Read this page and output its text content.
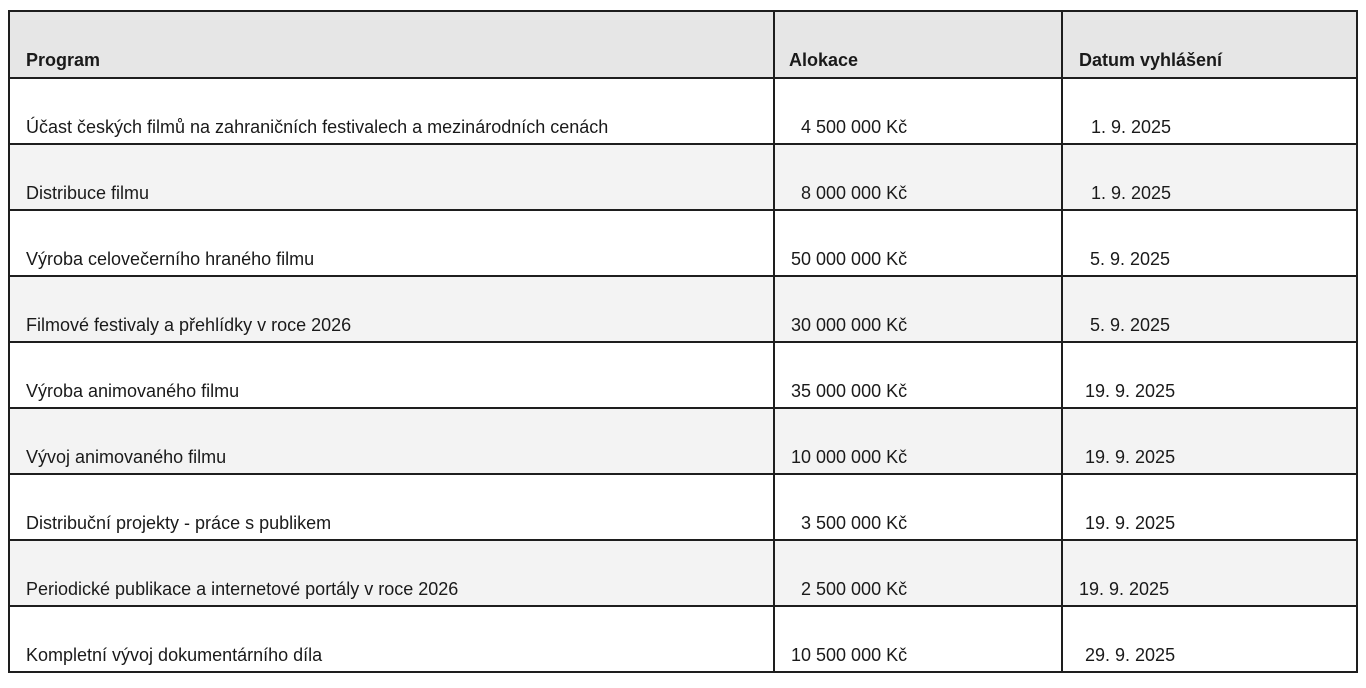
Program	Alokace	Datum vyhlášení
Účast českých filmů na zahraničních festivalech a mezinárodních cenách	4 500 000 Kč	1. 9. 2025
Distribuce filmu	8 000 000 Kč	1. 9. 2025
Výroba celovečerního hraného filmu	50 000 000 Kč	5. 9. 2025
Filmové festivaly a přehlídky v roce 2026	30 000 000 Kč	5. 9. 2025
Výroba animovaného filmu	35 000 000 Kč	19. 9. 2025
Vývoj animovaného filmu	10 000 000 Kč	19. 9. 2025
Distribuční projekty - práce s publikem	3 500 000 Kč	19. 9. 2025
Periodické publikace a internetové portály v roce 2026	2 500 000 Kč	19. 9. 2025
Kompletní vývoj dokumentárního díla	10 500 000 Kč	29. 9. 2025
